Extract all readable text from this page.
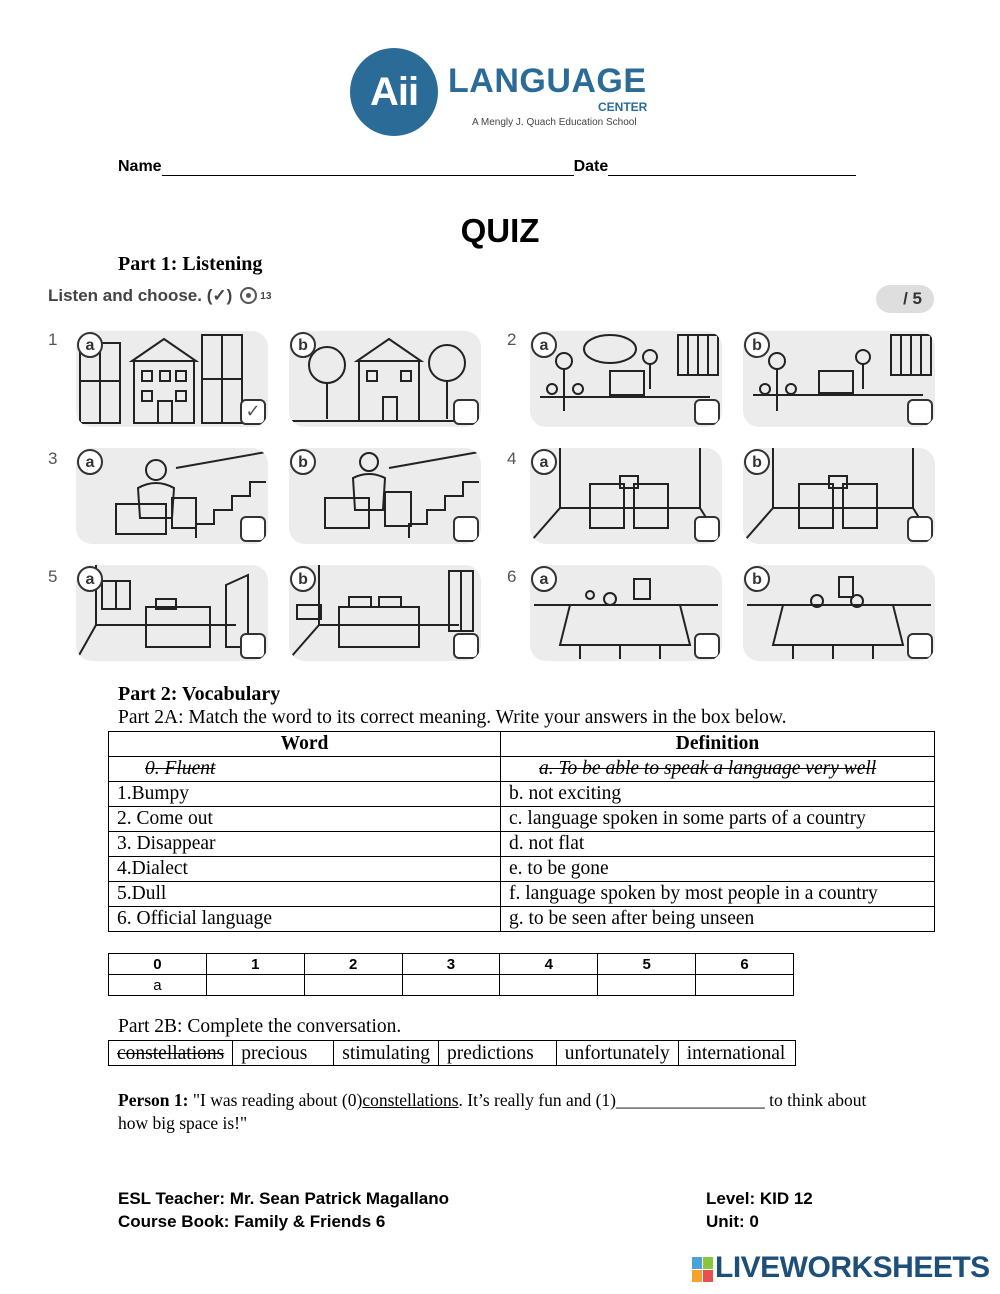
Aii LANGUAGE
CENTER
A Mengly J. Quach Education School
Name	Date
QUIZ
Part 1: Listening
Listen and choose. (✓)	13	/ 5
1	2
3	4
5	6
a
✓
b	a	b
a	b	a	b
a	b	a	b
Part 2: Vocabulary
Part 2A: Match the word to its correct meaning. Write your answers in the box below.
Word	Definition
0. Fluent	a. To be able to speak a language very well
1.Bumpy	b. not exciting
2. Come out	c. language spoken in some parts of a country
3. Disappear	d. not flat
4.Dialect	e. to be gone
5.Dull	f. language spoken by most people in a country
6. Official language	g. to be seen after being unseen
0	1	2	3	4	5	6
a						
Part 2B: Complete the conversation.
constellations	precious	stimulating	predictions	unfortunately	international
Person 1: "I was reading about (0)constellations. It’s really fun and (1)_________________ to think about how big space is!"
ESL Teacher: Mr. Sean Patrick Magallano
Course Book: Family & Friends 6
Level: KID 12
Unit: 0
LIVEWORKSHEETS
